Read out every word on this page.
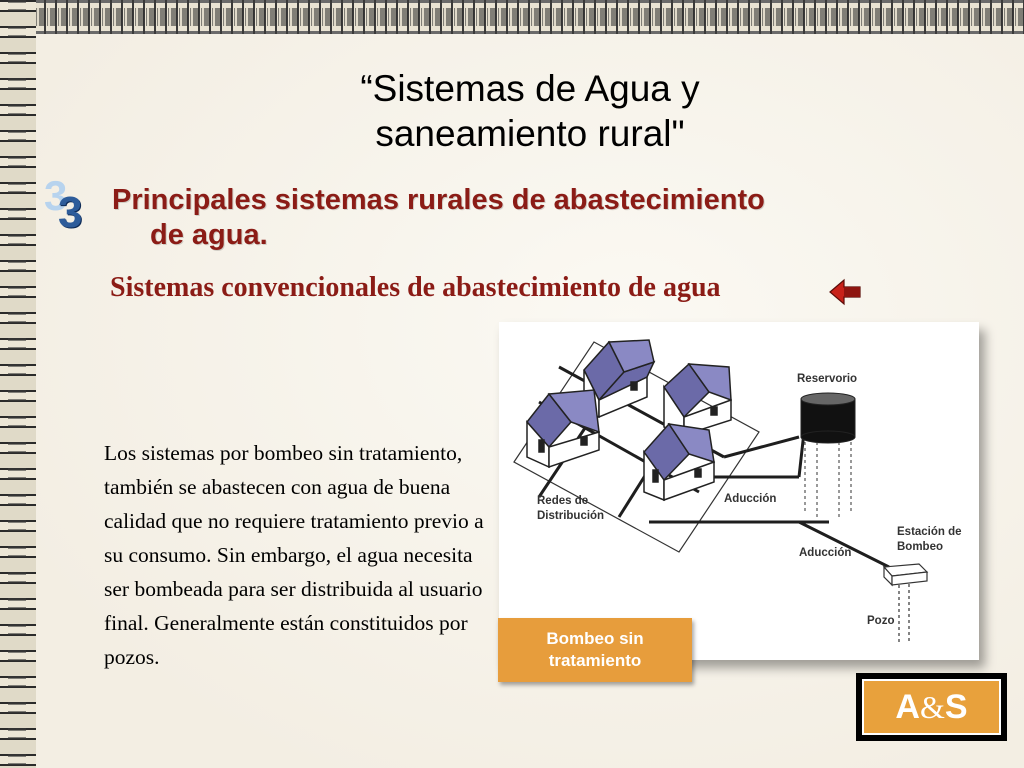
“Sistemas de Agua y
saneamiento rural"
3
3 Principales sistemas rurales de abastecimiento de agua.
Sistemas convencionales de abastecimiento de agua
Los sistemas por bombeo sin tratamiento, también se abastecen con agua de buena calidad que no requiere tratamiento previo a su consumo. Sin embargo, el agua necesita ser bombeada para ser distribuida al usuario final. Generalmente están constituidos por pozos.
Reservorio
Redes de
Distribución
Aducción
Aducción
Estación de
Bombeo
Pozo
Bombeo sin
tratamiento
A & S
